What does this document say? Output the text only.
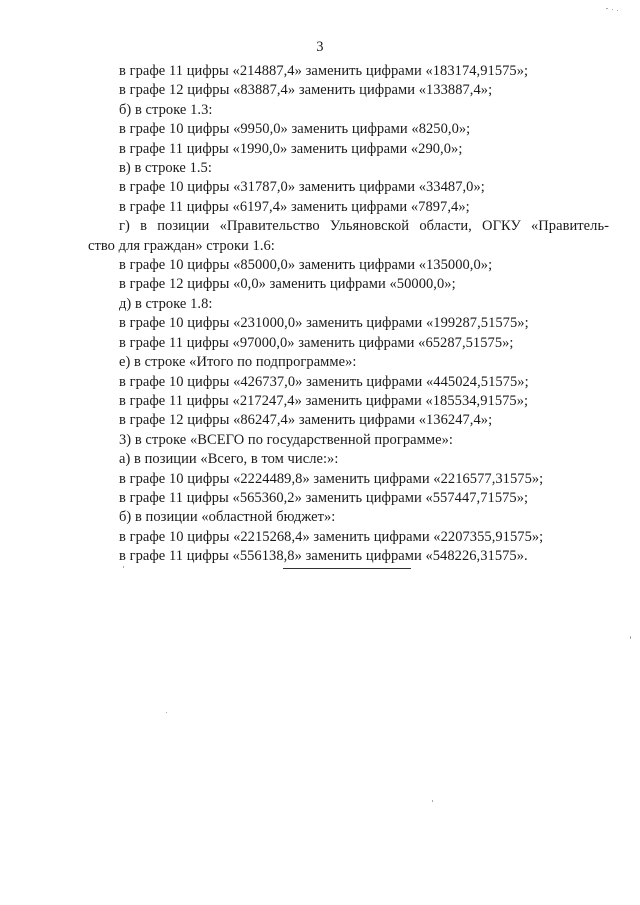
3
в графе 11 цифры «214887,4» заменить цифрами «183174,91575»;
в графе 12 цифры «83887,4» заменить цифрами «133887,4»;
б) в строке 1.3:
в графе 10 цифры «9950,0» заменить цифрами «8250,0»;
в графе 11 цифры «1990,0» заменить цифрами «290,0»;
в) в строке 1.5:
в графе 10 цифры «31787,0» заменить цифрами «33487,0»;
в графе 11 цифры «6197,4» заменить цифрами «7897,4»;
г) в позиции «Правительство Ульяновской области, ОГКУ «Правитель-
ство для граждан» строки 1.6:
в графе 10 цифры «85000,0» заменить цифрами «135000,0»;
в графе 12 цифры «0,0» заменить цифрами «50000,0»;
д) в строке 1.8:
в графе 10 цифры «231000,0» заменить цифрами «199287,51575»;
в графе 11 цифры «97000,0» заменить цифрами «65287,51575»;
е) в строке «Итого по подпрограмме»:
в графе 10 цифры «426737,0» заменить цифрами «445024,51575»;
в графе 11 цифры «217247,4» заменить цифрами «185534,91575»;
в графе 12 цифры «86247,4» заменить цифрами «136247,4»;
3) в строке «ВСЕГО по государственной программе»:
а) в позиции «Всего, в том числе:»:
в графе 10 цифры «2224489,8» заменить цифрами «2216577,31575»;
в графе 11 цифры «565360,2» заменить цифрами «557447,71575»;
б) в позиции «областной бюджет»:
в графе 10 цифры «2215268,4» заменить цифрами «2207355,91575»;
в графе 11 цифры «556138,8» заменить цифрами «548226,31575».
